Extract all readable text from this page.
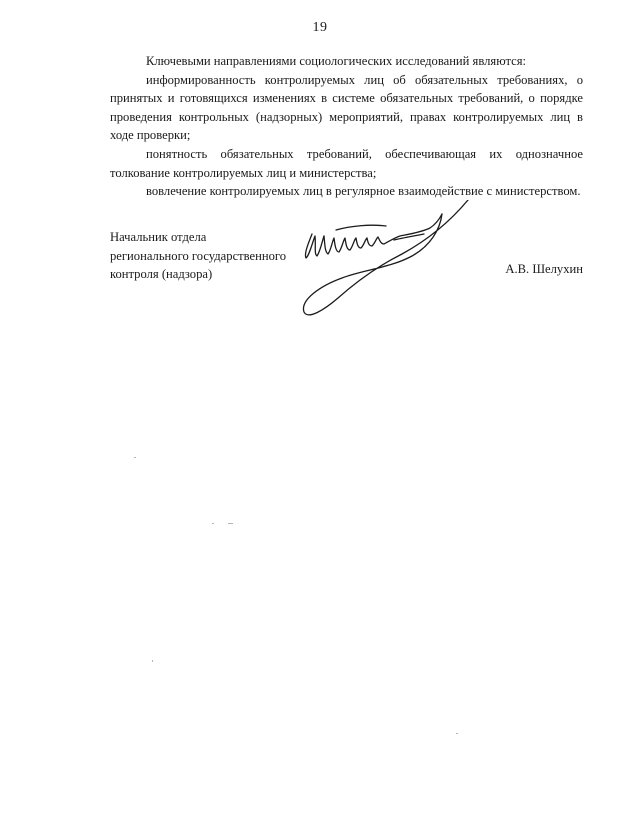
19

Ключевыми направлениями социологических исследований являются:

информированность контролируемых лиц об обязательных требованиях, о принятых и готовящихся изменениях в системе обязательных требований, о порядке проведения контрольных (надзорных) мероприятий, правах контролируемых лиц в ходе проверки;

понятность обязательных требований, обеспечивающая их однозначное толкование контролируемых лиц и министерства;

вовлечение контролируемых лиц в регулярное взаимодействие с министерством.

Начальник отдела
регионального государственного
контроля (надзора)	А.В. Шелухин
